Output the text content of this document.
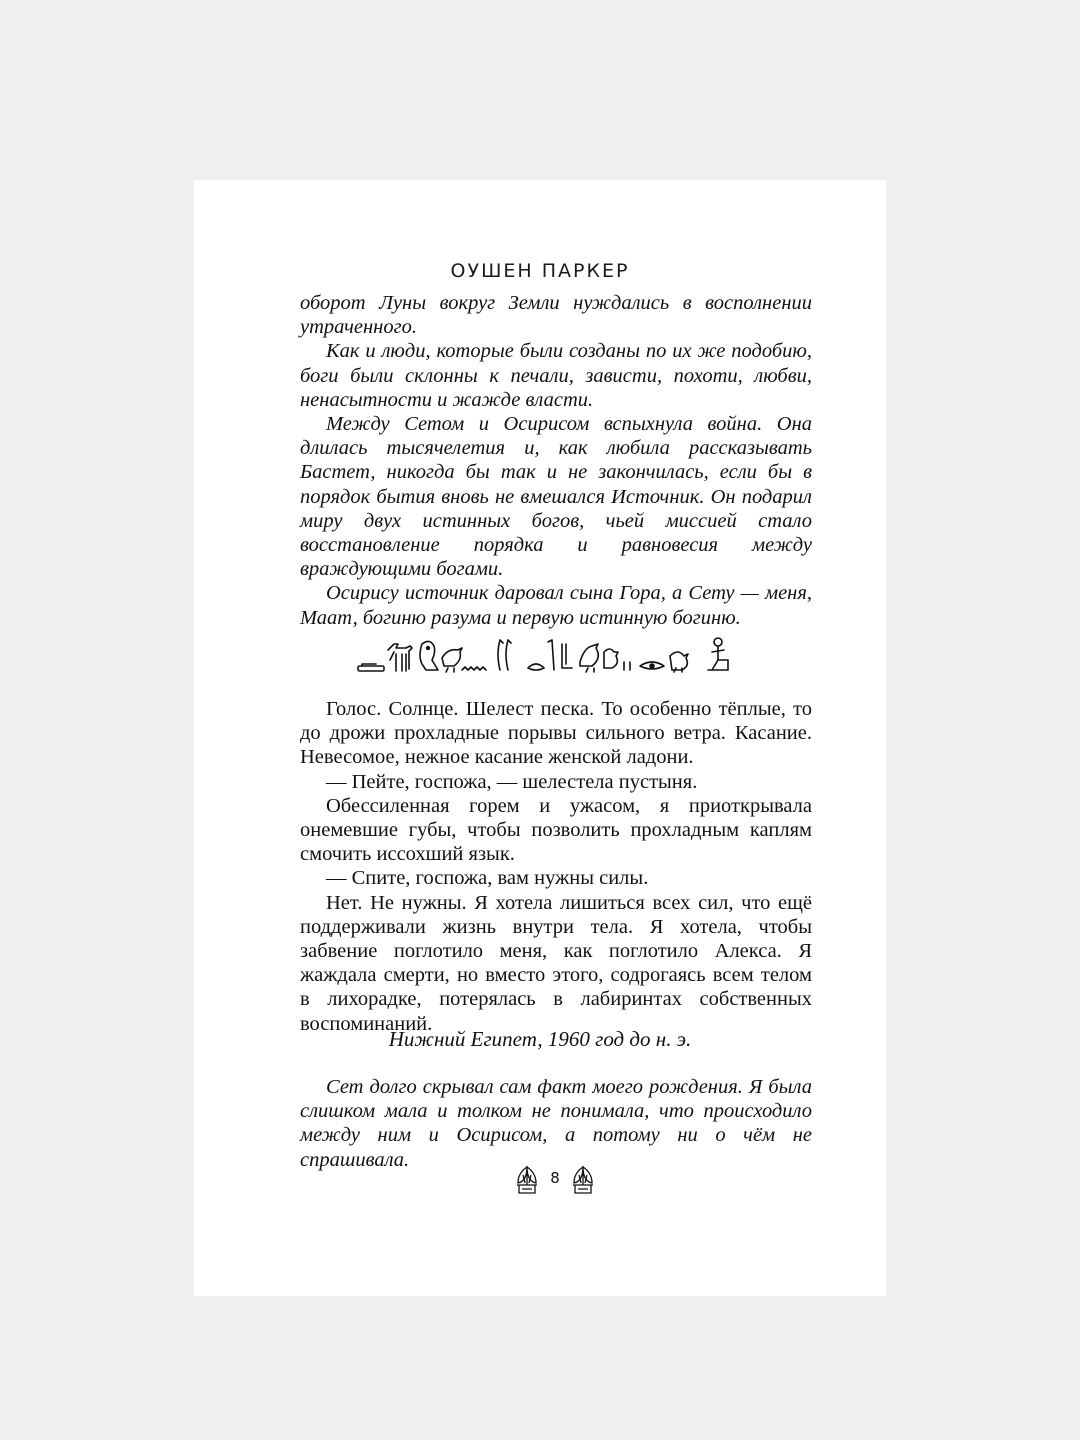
ОУШЕН ПАРКЕР

оборот Луны вокруг Земли нуждались в восполнении утраченного.

Как и люди, которые были созданы по их же подобию, боги были склонны к печали, зависти, похоти, любви, ненасытности и жажде власти.

Между Сетом и Осирисом вспыхнула война. Она длилась тысячелетия и, как любила рассказывать Бастет, никогда бы так и не закончилась, если бы в порядок бытия вновь не вмешался Источник. Он подарил миру двух истинных богов, чьей миссией стало восстановление порядка и равновесия между враждующими богами.

Осирису источник даровал сына Гора, а Сету — меня, Маат, богиню разума и первую истинную богиню.

Голос. Солнце. Шелест песка. То особенно тёплые, то до дрожи прохладные порывы сильного ветра. Касание. Невесомое, нежное касание женской ладони.

— Пейте, госпожа, — шелестела пустыня.

Обессиленная горем и ужасом, я приоткрывала онемевшие губы, чтобы позволить прохладным каплям смочить иссохший язык.

— Спите, госпожа, вам нужны силы.

Нет. Не нужны. Я хотела лишиться всех сил, что ещё поддерживали жизнь внутри тела. Я хотела, чтобы забвение поглотило меня, как поглотило Алекса. Я жаждала смерти, но вместо этого, содрогаясь всем телом в лихорадке, потерялась в лабиринтах собственных воспоминаний.

Нижний Египет, 1960 год до н. э.

Сет долго скрывал сам факт моего рождения. Я была слишком мала и толком не понимала, что происходило между ним и Осирисом, а потому ни о чём не спрашивала.

8
